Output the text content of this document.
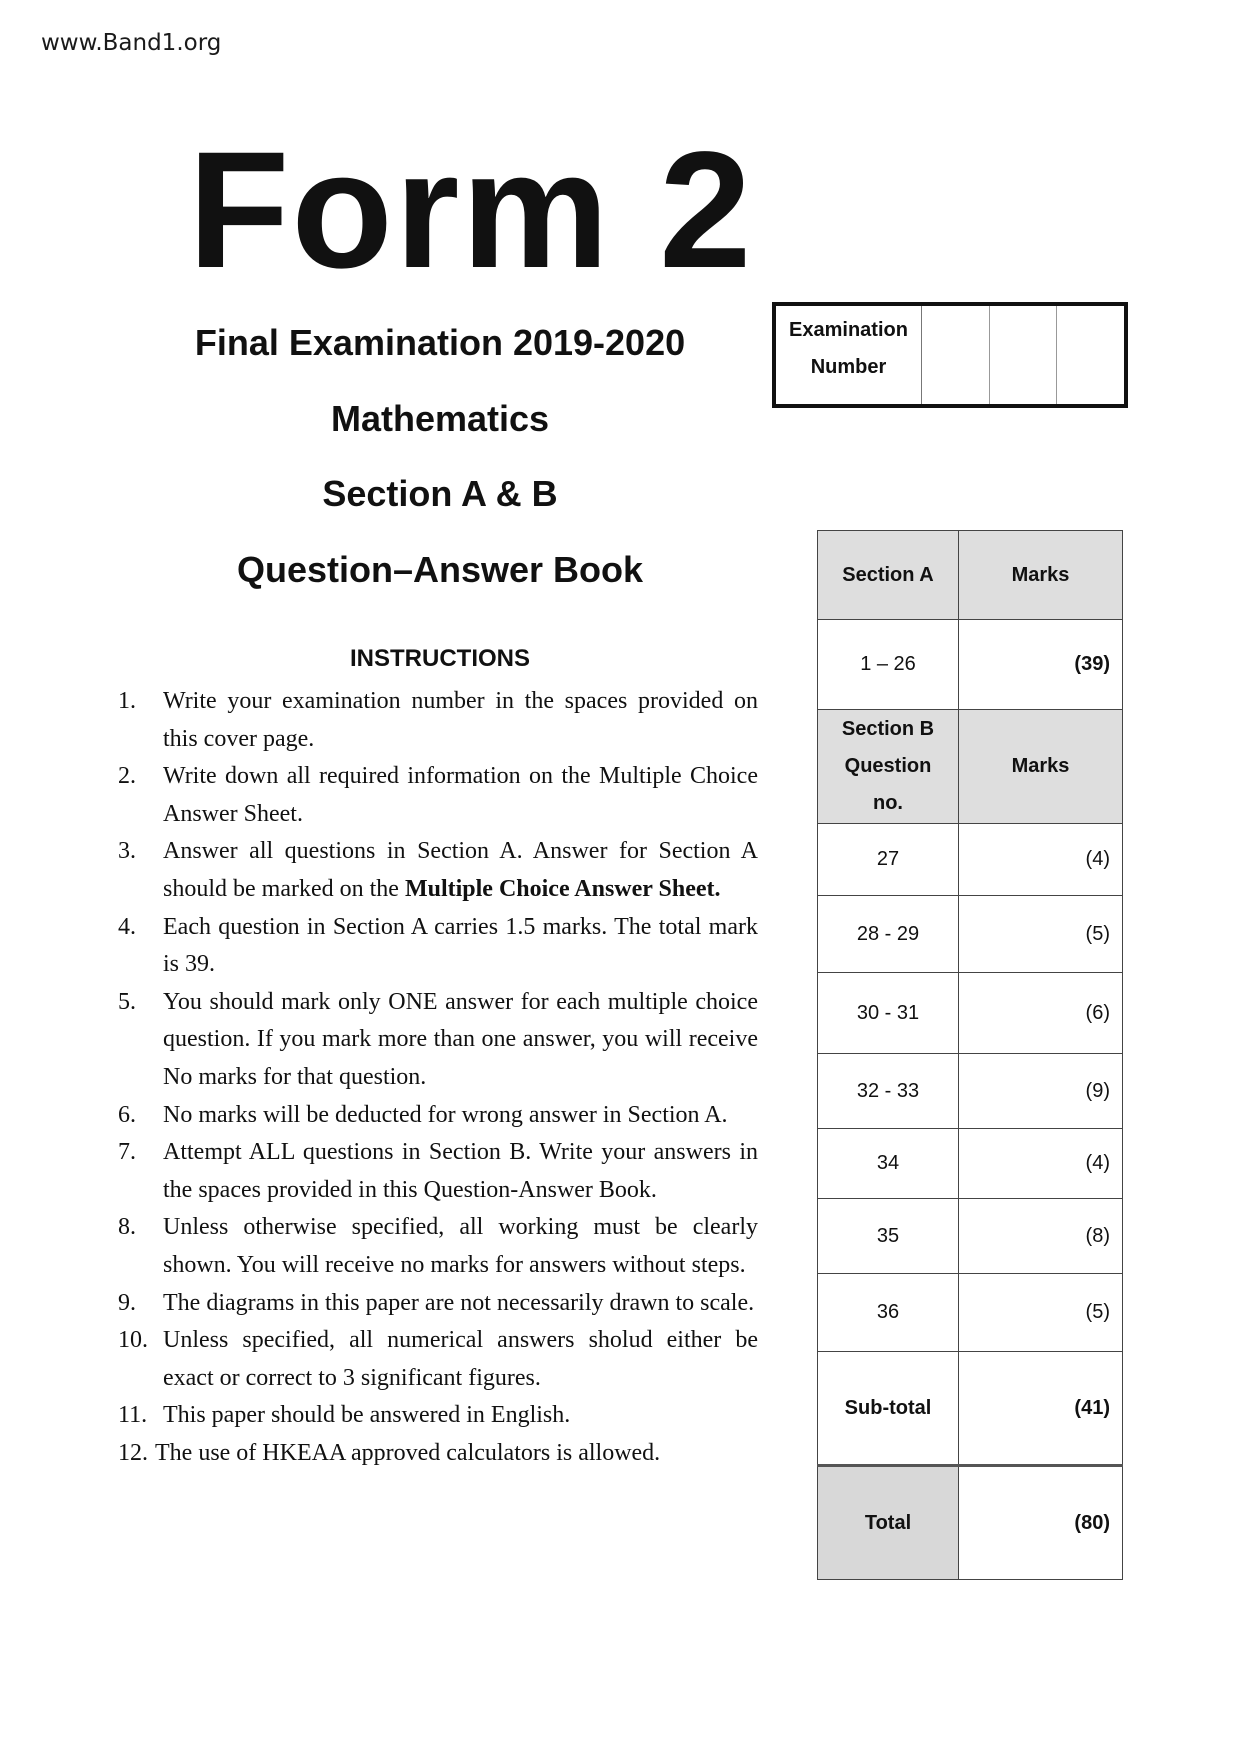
www.Band1.org
Form 2
Final Examination 2019-2020
Mathematics
Section A & B
Question–Answer Book
Examination
Number
INSTRUCTIONS
1.	Write your examination number in the spaces provided on this cover page.
2.	Write down all required information on the Multiple Choice Answer Sheet.
3.	Answer all questions in Section A. Answer for Section A should be marked on the Multiple Choice Answer Sheet.
4.	Each question in Section A carries 1.5 marks. The total mark is 39.
5.	You should mark only ONE answer for each multiple choice question. If you mark more than one answer, you will receive No marks for that question.
6.	No marks will be deducted for wrong answer in Section A.
7.	Attempt ALL questions in Section B. Write your answers in the spaces provided in this Question-Answer Book.
8.	Unless otherwise specified, all working must be clearly shown. You will receive no marks for answers without steps.
9.	The diagrams in this paper are not necessarily drawn to scale.
10. Unless specified, all numerical answers sholud either be exact or correct to 3 significant figures.
11. This paper should be answered in English.
12. The use of HKEAA approved calculators is allowed.
Section A	Marks
1 – 26	(39)

Section B
Question
no.	Marks
27	(4)
28 - 29	(5)
30 - 31	(6)
32 - 33	(9)
34	(4)
35	(8)
36	(5)
Sub-total	(41)
Total	(80)
